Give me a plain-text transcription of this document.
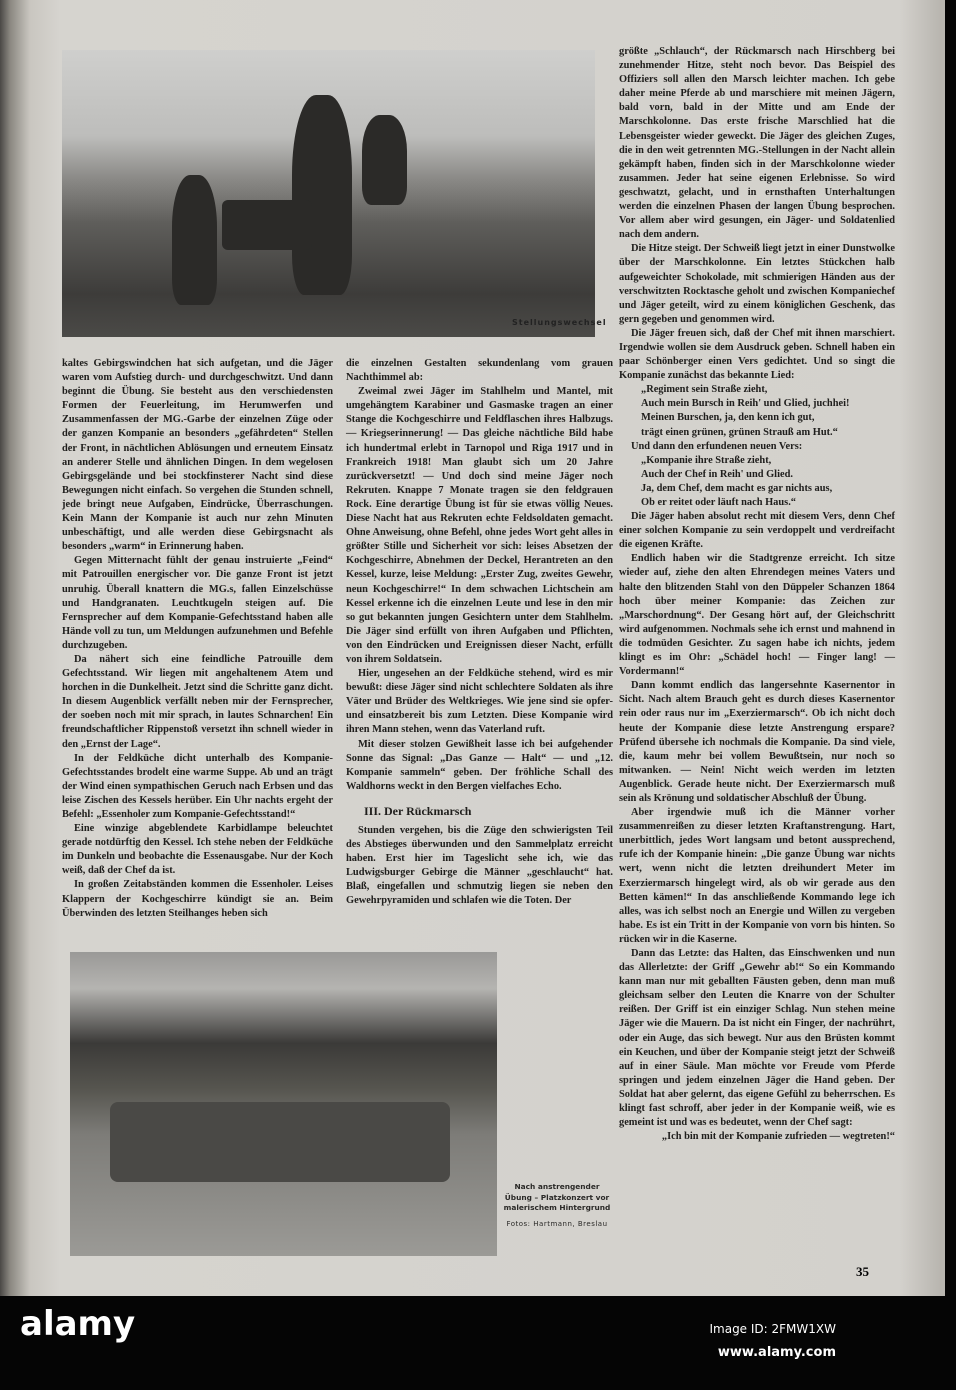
Stellungswechsel

kaltes Gebirgswindchen hat sich aufgetan, und die Jäger waren vom Aufstieg durch- und durchgeschwitzt. Und dann beginnt die Übung. Sie besteht aus den verschiedensten Formen der Feuerleitung, im Herumwerfen und Zusammenfassen der MG.-Garbe der einzelnen Züge oder der ganzen Kompanie an besonders „gefährdeten“ Stellen der Front, in nächtlichen Ablösungen und erneutem Einsatz an anderer Stelle und ähnlichen Dingen. In dem wegelosen Gebirgsgelände und bei stockfinsterer Nacht sind diese Bewegungen nicht einfach. So vergehen die Stunden schnell, jede bringt neue Aufgaben, Eindrücke, Überraschungen. Kein Mann der Kompanie ist auch nur zehn Minuten unbeschäftigt, und alle werden diese Gebirgsnacht als besonders „warm“ in Erinnerung haben.

Gegen Mitternacht fühlt der genau instruierte „Feind“ mit Patrouillen energischer vor. Die ganze Front ist jetzt unruhig. Überall knattern die MG.s, fallen Einzelschüsse und Handgranaten. Leuchtkugeln steigen auf. Die Fernsprecher auf dem Kompanie-Gefechtsstand haben alle Hände voll zu tun, um Meldungen aufzunehmen und Befehle durchzugeben.

Da nähert sich eine feindliche Patrouille dem Gefechtsstand. Wir liegen mit angehaltenem Atem und horchen in die Dunkelheit. Jetzt sind die Schritte ganz dicht. In diesem Augenblick verfällt neben mir der Fernsprecher, der soeben noch mit mir sprach, in lautes Schnarchen! Ein freundschaftlicher Rippenstoß versetzt ihn schnell wieder in den „Ernst der Lage“.

In der Feldküche dicht unterhalb des Kompanie-Gefechtsstandes brodelt eine warme Suppe. Ab und an trägt der Wind einen sympathischen Geruch nach Erbsen und das leise Zischen des Kessels herüber. Ein Uhr nachts ergeht der Befehl: „Essenholer zum Kompanie-Gefechtsstand!“

Eine winzige abgeblendete Karbidlampe beleuchtet gerade notdürftig den Kessel. Ich stehe neben der Feldküche im Dunkeln und beobachte die Essenausgabe. Nur der Koch weiß, daß der Chef da ist.

In großen Zeitabständen kommen die Essenholer. Leises Klappern der Kochgeschirre kündigt sie an. Beim Überwinden des letzten Steilhanges heben sich

die einzelnen Gestalten sekundenlang vom grauen Nachthimmel ab:

Zweimal zwei Jäger im Stahlhelm und Mantel, mit umgehängtem Karabiner und Gasmaske tragen an einer Stange die Kochgeschirre und Feldflaschen ihres Halbzugs. — Kriegserinnerung! — Das gleiche nächtliche Bild habe ich hundertmal erlebt in Tarnopol und Riga 1917 und in Frankreich 1918! Man glaubt sich um 20 Jahre zurückversetzt! — Und doch sind meine Jäger noch Rekruten. Knappe 7 Monate tragen sie den feldgrauen Rock. Eine derartige Übung ist für sie etwas völlig Neues. Diese Nacht hat aus Rekruten echte Feldsoldaten gemacht. Ohne Anweisung, ohne Befehl, ohne jedes Wort geht alles in größter Stille und Sicherheit vor sich: leises Absetzen der Kochgeschirre, Abnehmen der Deckel, Herantreten an den Kessel, kurze, leise Meldung: „Erster Zug, zweites Gewehr, neun Kochgeschirre!“ In dem schwachen Lichtschein am Kessel erkenne ich die einzelnen Leute und lese in den mir so gut bekannten jungen Gesichtern unter dem Stahlhelm. Die Jäger sind erfüllt von ihren Aufgaben und Pflichten, von den Eindrücken und Ereignissen dieser Nacht, erfüllt von ihrem Soldatsein.

Hier, ungesehen an der Feldküche stehend, wird es mir bewußt: diese Jäger sind nicht schlechtere Soldaten als ihre Väter und Brüder des Weltkrieges. Wie jene sind sie opfer- und einsatzbereit bis zum Letzten. Diese Kompanie wird ihren Mann stehen, wenn das Vaterland ruft.

Mit dieser stolzen Gewißheit lasse ich bei aufgehender Sonne das Signal: „Das Ganze — Halt“ — und „12. Kompanie sammeln“ geben. Der fröhliche Schall des Waldhorns weckt in den Bergen vielfaches Echo.

III. Der Rückmarsch

Stunden vergehen, bis die Züge den schwierigsten Teil des Abstieges überwunden und den Sammelplatz erreicht haben. Erst hier im Tageslicht sehe ich, wie das Ludwigsburger Gebirge die Männer „geschlaucht“ hat. Blaß, eingefallen und schmutzig liegen sie neben den Gewehrpyramiden und schlafen wie die Toten. Der

größte „Schlauch“, der Rückmarsch nach Hirschberg bei zunehmender Hitze, steht noch bevor. Das Beispiel des Offiziers soll allen den Marsch leichter machen. Ich gebe daher meine Pferde ab und marschiere mit meinen Jägern, bald vorn, bald in der Mitte und am Ende der Marschkolonne. Das erste frische Marschlied hat die Lebensgeister wieder geweckt. Die Jäger des gleichen Zuges, die in den weit getrennten MG.-Stellungen in der Nacht allein gekämpft haben, finden sich in der Marschkolonne wieder zusammen. Jeder hat seine eigenen Erlebnisse. So wird geschwatzt, gelacht, und in ernsthaften Unterhaltungen werden die einzelnen Phasen der langen Übung besprochen. Vor allem aber wird gesungen, ein Jäger- und Soldatenlied nach dem andern.

Die Hitze steigt. Der Schweiß liegt jetzt in einer Dunstwolke über der Marschkolonne. Ein letztes Stückchen halb aufgeweichter Schokolade, mit schmierigen Händen aus der verschwitzten Rocktasche geholt und zwischen Kompaniechef und Jäger geteilt, wird zu einem königlichen Geschenk, das gern gegeben und genommen wird.

Die Jäger freuen sich, daß der Chef mit ihnen marschiert. Irgendwie wollen sie dem Ausdruck geben. Schnell haben ein paar Schönberger einen Vers gedichtet. Und so singt die Kompanie zunächst das bekannte Lied:

„Regiment sein Straße zieht,

Auch mein Bursch in Reih' und Glied, juchhei!

Meinen Burschen, ja, den kenn ich gut,

trägt einen grünen, grünen Strauß am Hut.“

Und dann den erfundenen neuen Vers:

„Kompanie ihre Straße zieht,

Auch der Chef in Reih' und Glied.

Ja, dem Chef, dem macht es gar nichts aus,

Ob er reitet oder läuft nach Haus.“

Die Jäger haben absolut recht mit diesem Vers, denn Chef einer solchen Kompanie zu sein verdoppelt und verdreifacht die eigenen Kräfte.

Endlich haben wir die Stadtgrenze erreicht. Ich sitze wieder auf, ziehe den alten Ehrendegen meines Vaters und halte den blitzenden Stahl von den Düppeler Schanzen 1864 hoch über meiner Kompanie: das Zeichen zur „Marschordnung“. Der Gesang hört auf, der Gleichschritt wird aufgenommen. Nochmals sehe ich ernst und mahnend in die todmüden Gesichter. Zu sagen habe ich nichts, jedem klingt es im Ohr: „Schädel hoch! — Finger lang! — Vordermann!“

Dann kommt endlich das langersehnte Kasernentor in Sicht. Nach altem Brauch geht es durch dieses Kasernentor rein oder raus nur im „Exerziermarsch“. Ob ich nicht doch heute der Kompanie diese letzte Anstrengung erspare? Prüfend übersehe ich nochmals die Kompanie. Da sind viele, die, kaum mehr bei vollem Bewußtsein, nur noch so mitwanken. — Nein! Nicht weich werden im letzten Augenblick. Gerade heute nicht. Der Exerziermarsch muß sein als Krönung und soldatischer Abschluß der Übung.

Aber irgendwie muß ich die Männer vorher zusammenreißen zu dieser letzten Kraftanstrengung. Hart, unerbittlich, jedes Wort langsam und betont aussprechend, rufe ich der Kompanie hinein: „Die ganze Übung war nichts wert, wenn nicht die letzten dreihundert Meter im Exerziermarsch hingelegt wird, als ob wir gerade aus den Betten kämen!“ In das anschließende Kommando lege ich alles, was ich selbst noch an Energie und Willen zu vergeben habe. Es ist ein Tritt in der Kompanie von vorn bis hinten. So rücken wir in die Kaserne.

Dann das Letzte: das Halten, das Einschwenken und nun das Allerletzte: der Griff „Gewehr ab!“ So ein Kommando kann man nur mit geballten Fäusten geben, denn man muß gleichsam selber den Leuten die Knarre von der Schulter reißen. Der Griff ist ein einziger Schlag. Nun stehen meine Jäger wie die Mauern. Da ist nicht ein Finger, der nachrührt, oder ein Auge, das sich bewegt. Nur aus den Brüsten kommt ein Keuchen, und über der Kompanie steigt jetzt der Schweiß auf in einer Säule. Man möchte vor Freude vom Pferde springen und jedem einzelnen Jäger die Hand geben. Der Soldat hat aber gelernt, das eigene Gefühl zu beherrschen. Es klingt fast schroff, aber jeder in der Kompanie weiß, wie es gemeint ist und was es bedeutet, wenn der Chef sagt:

„Ich bin mit der Kompanie zufrieden — wegtreten!“

Nach anstrengender Übung – Platzkonzert vor malerischem Hintergrund
Fotos: Hartmann, Breslau
35
alamy	Image ID: 2FMW1XW
www.alamy.com
